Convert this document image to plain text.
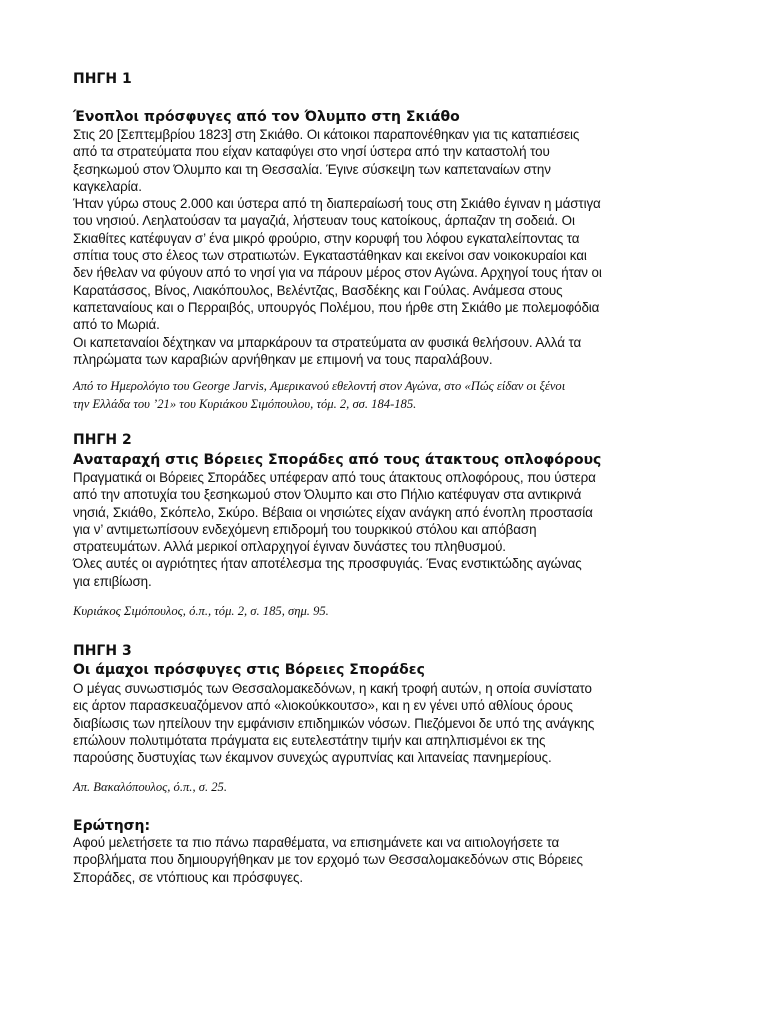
ΠΗΓΗ 1
Ένοπλοι πρόσφυγες από τον Όλυμπο στη Σκιάθο
Στις 20 [Σεπτεμβρίου 1823] στη Σκιάθο. Οι κάτοικοι παραπονέθηκαν για τις καταπιέσεις
από τα στρατεύματα που είχαν καταφύγει στο νησί ύστερα από την καταστολή του
ξεσηκωμού στον Όλυμπο και τη Θεσσαλία. Έγινε σύσκεψη των καπεταναίων στην
καγκελαρία.
Ήταν γύρω στους 2.000 και ύστερα από τη διαπεραίωσή τους στη Σκιάθο έγιναν η μάστιγα
του νησιού. Λεηλατούσαν τα μαγαζιά, λήστευαν τους κατοίκους, άρπαζαν τη σοδειά. Οι
Σκιαθίτες κατέφυγαν σ’ ένα μικρό φρούριο, στην κορυφή του λόφου εγκαταλείποντας τα
σπίτια τους στο έλεος των στρατιωτών. Εγκαταστάθηκαν και εκείνοι σαν νοικοκυραίοι και
δεν ήθελαν να φύγουν από το νησί για να πάρουν μέρος στον Αγώνα. Αρχηγοί τους ήταν οι
Καρατάσσος, Βίνος, Λιακόπουλος, Βελέντζας, Βασδέκης και Γούλας. Ανάμεσα στους
καπεταναίους και ο Περραιβός, υπουργός Πολέμου, που ήρθε στη Σκιάθο με πολεμοφόδια
από το Μωριά.
Οι καπεταναίοι δέχτηκαν να μπαρκάρουν τα στρατεύματα αν φυσικά θελήσουν. Αλλά τα
πληρώματα των καραβιών αρνήθηκαν με επιμονή να τους παραλάβουν.
Από το Ημερολόγιο του George Jarvis, Αμερικανού εθελοντή στον Αγώνα, στο «Πώς είδαν οι ξένοι
την Ελλάδα του ’21» του Κυριάκου Σιμόπουλου, τόμ. 2, σσ. 184-185.
ΠΗΓΗ 2
Αναταραχή στις Βόρειες Σποράδες από τους άτακτους οπλοφόρους
Πραγματικά οι Βόρειες Σποράδες υπέφεραν από τους άτακτους οπλοφόρους, που ύστερα
από την αποτυχία του ξεσηκωμού στον Όλυμπο και στο Πήλιο κατέφυγαν στα αντικρινά
νησιά, Σκιάθο, Σκόπελο, Σκύρο. Βέβαια οι νησιώτες είχαν ανάγκη από ένοπλη προστασία
για ν’ αντιμετωπίσουν ενδεχόμενη επιδρομή του τουρκικού στόλου και απόβαση
στρατευμάτων. Αλλά μερικοί οπλαρχηγοί έγιναν δυνάστες του πληθυσμού.
Όλες αυτές οι αγριότητες ήταν αποτέλεσμα της προσφυγιάς. Ένας ενστικτώδης αγώνας
για επιβίωση.
Κυριάκος Σιμόπουλος, ό.π., τόμ. 2, σ. 185, σημ. 95.
ΠΗΓΗ 3
Οι άμαχοι πρόσφυγες στις Βόρειες Σποράδες
Ο μέγας συνωστισμός των Θεσσαλομακεδόνων, η κακή τροφή αυτών, η οποία συνίστατο
εις άρτον παρασκευαζόμενον από «λιοκούκκουτσο», και η εν γένει υπό αθλίους όρους
διαβίωσις των ηπείλουν την εμφάνισιν επιδημικών νόσων. Πιεζόμενοι δε υπό της ανάγκης
επώλουν πολυτιμότατα πράγματα εις ευτελεστάτην τιμήν και απηλπισμένοι εκ της
παρούσης δυστυχίας των έκαμνον συνεχώς αγρυπνίας και λιτανείας πανημερίους.
Απ. Βακαλόπουλος, ό.π., σ. 25.
Ερώτηση:
Αφού μελετήσετε τα πιο πάνω παραθέματα, να επισημάνετε και να αιτιολογήσετε τα
προβλήματα που δημιουργήθηκαν με τον ερχομό των Θεσσαλομακεδόνων στις Βόρειες
Σποράδες, σε ντόπιους και πρόσφυγες.
